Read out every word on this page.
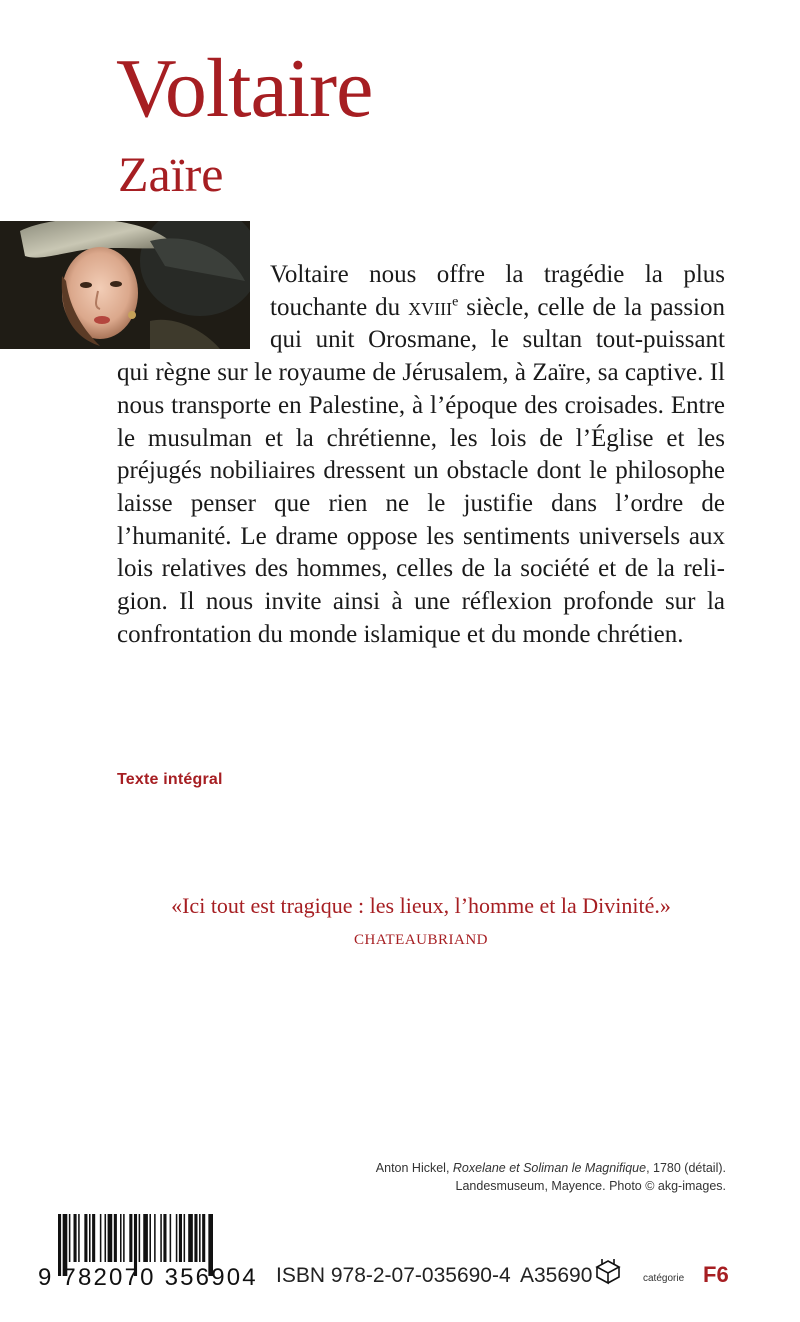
Voltaire
Zaïre

Voltaire nous offre la tragédie la plus touchante du xviii$^e$ siècle, celle de la passion qui unit Orosmane, le sultan tout-puissant qui règne sur le royaume de Jérusalem, à Zaïre, sa captive. Il nous transporte en Palestine, à l’époque des croisades. Entre le musulman et la chrétienne, les lois de l’Église et les préjugés nobiliaires dressent un obstacle dont le philosophe laisse penser que rien ne le justifie dans l’ordre de l’humanité. Le drame oppose les sentiments universels aux lois relatives des hommes, celles de la société et de la religion. Il nous invite ainsi à une réflexion profonde sur la confrontation du monde islamique et du monde chrétien.

Texte intégral

«Ici tout est tragique : les lieux, l’homme et la Divinité.»

CHATEAUBRIAND
Anton Hickel, Roxelane et Soliman le Magnifique, 1780 (détail).
Landesmuseum, Mayence. Photo © akg-images.
9 782070 356904 ISBN 978-2-07-035690-4 A35690	catégorie F6
